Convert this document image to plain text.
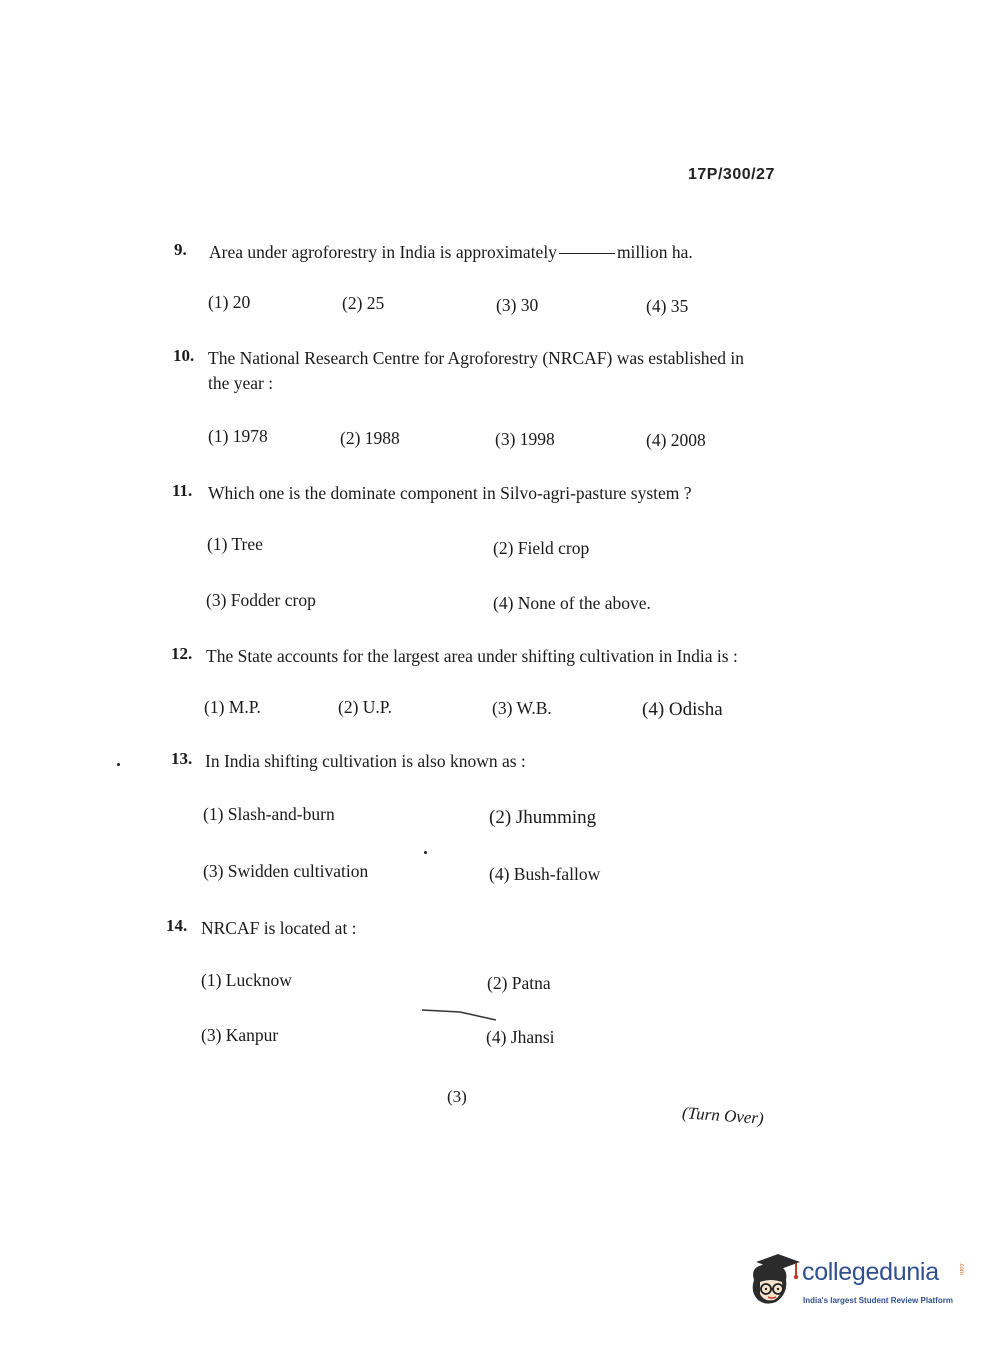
17P/300/27
9. Area under agroforestry in India is approximately	million ha.
(1) 20	(2) 25	(3) 30	(4) 35
10. The National Research Centre for Agroforestry (NRCAF) was established in
the year :
(1) 1978	(2) 1988	(3) 1998	(4) 2008
11. Which one is the dominate component in Silvo-agri-pasture system ?
(1) Tree	(2) Field crop
(3) Fodder crop	(4) None of the above.
12. The State accounts for the largest area under shifting cultivation in India is :
(1) M.P.	(2) U.P.	(3) W.B.	(4) Odisha
13. In India shifting cultivation is also known as :
(1) Slash-and-burn	(2) Jhumming
(3) Swidden cultivation	(4) Bush-fallow
14. NRCAF is located at :
(1) Lucknow	(2) Patna
(3) Kanpur	(4) Jhansi
(3)
(Turn Over)
collegedunia	.com
India's largest Student Review Platform
